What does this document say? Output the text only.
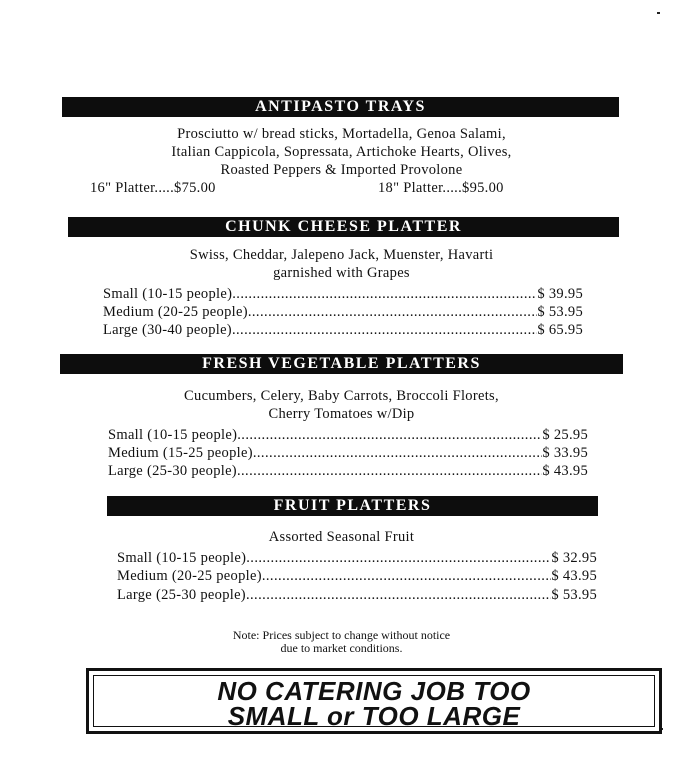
ANTIPASTO TRAYS
Prosciutto w/ bread sticks, Mortadella, Genoa Salami,
Italian Cappicola, Sopressata, Artichoke Hearts, Olives,
Roasted Peppers & Imported Provolone
16" Platter.....$75.00	18" Platter.....$95.00
CHUNK CHEESE PLATTER
Swiss, Cheddar, Jalepeno Jack, Muenster, Havarti
garnished with Grapes
Small (10-15 people) . . .	$ 39.95
Medium (20-25 people) . . .	$ 53.95
Large (30-40 people) . . .	$ 65.95
FRESH VEGETABLE PLATTERS
Cucumbers, Celery, Baby Carrots, Broccoli Florets,
Cherry Tomatoes w/Dip
Small (10-15 people) . . .	$ 25.95
Medium (15-25 people) . . .	$ 33.95
Large (25-30 people) . . .	$ 43.95
FRUIT PLATTERS
Assorted Seasonal Fruit
Small (10-15 people) . . .	$ 32.95
Medium (20-25 people) . . .	$ 43.95
Large (25-30 people) . . .	$ 53.95
Note: Prices subject to change without notice
due to market conditions.
NO CATERING JOB TOO
SMALL or TOO LARGE
